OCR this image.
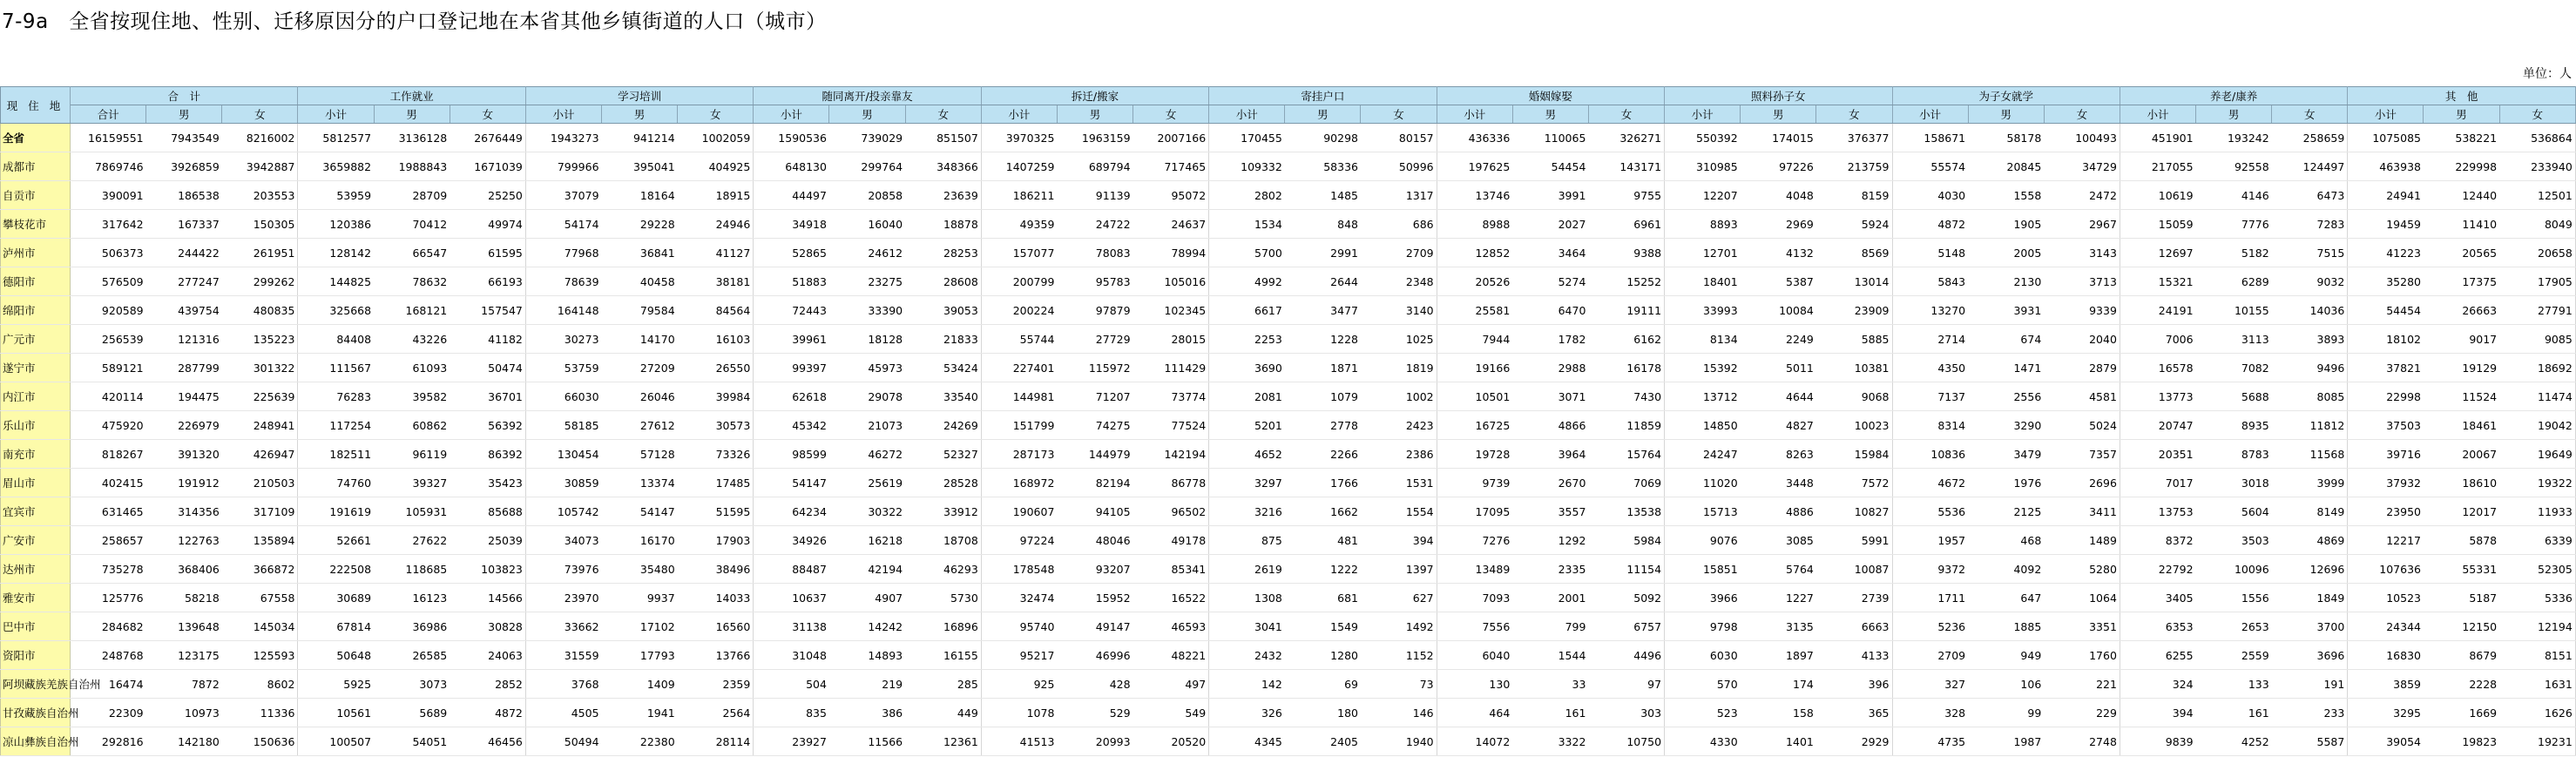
7-9a　全省按现住地、性别、迁移原因分的户口登记地在本省其他乡镇街道的人口（城市）
单位：人
现 住 地	合　计			工作就业			学习培训			随同离开/投亲靠友			拆迁/搬家			寄挂户口			婚姻嫁娶			照料孙子女			为子女就学			养老/康养			其　他		
	合计	男	女	小计	男	女	小计	男	女	小计	男	女	小计	男	女	小计	男	女	小计	男	女	小计	男	女	小计	男	女	小计	男	女	小计	男	女
全省	16159551	7943549	8216002	5812577	3136128	2676449	1943273	941214	1002059	1590536	739029	851507	3970325	1963159	2007166	170455	90298	80157	436336	110065	326271	550392	174015	376377	158671	58178	100493	451901	193242	258659	1075085	538221	536864
成都市	7869746	3926859	3942887	3659882	1988843	1671039	799966	395041	404925	648130	299764	348366	1407259	689794	717465	109332	58336	50996	197625	54454	143171	310985	97226	213759	55574	20845	34729	217055	92558	124497	463938	229998	233940
自贡市	390091	186538	203553	53959	28709	25250	37079	18164	18915	44497	20858	23639	186211	91139	95072	2802	1485	1317	13746	3991	9755	12207	4048	8159	4030	1558	2472	10619	4146	6473	24941	12440	12501
攀枝花市	317642	167337	150305	120386	70412	49974	54174	29228	24946	34918	16040	18878	49359	24722	24637	1534	848	686	8988	2027	6961	8893	2969	5924	4872	1905	2967	15059	7776	7283	19459	11410	8049
泸州市	506373	244422	261951	128142	66547	61595	77968	36841	41127	52865	24612	28253	157077	78083	78994	5700	2991	2709	12852	3464	9388	12701	4132	8569	5148	2005	3143	12697	5182	7515	41223	20565	20658
德阳市	576509	277247	299262	144825	78632	66193	78639	40458	38181	51883	23275	28608	200799	95783	105016	4992	2644	2348	20526	5274	15252	18401	5387	13014	5843	2130	3713	15321	6289	9032	35280	17375	17905
绵阳市	920589	439754	480835	325668	168121	157547	164148	79584	84564	72443	33390	39053	200224	97879	102345	6617	3477	3140	25581	6470	19111	33993	10084	23909	13270	3931	9339	24191	10155	14036	54454	26663	27791
广元市	256539	121316	135223	84408	43226	41182	30273	14170	16103	39961	18128	21833	55744	27729	28015	2253	1228	1025	7944	1782	6162	8134	2249	5885	2714	674	2040	7006	3113	3893	18102	9017	9085
遂宁市	589121	287799	301322	111567	61093	50474	53759	27209	26550	99397	45973	53424	227401	115972	111429	3690	1871	1819	19166	2988	16178	15392	5011	10381	4350	1471	2879	16578	7082	9496	37821	19129	18692
内江市	420114	194475	225639	76283	39582	36701	66030	26046	39984	62618	29078	33540	144981	71207	73774	2081	1079	1002	10501	3071	7430	13712	4644	9068	7137	2556	4581	13773	5688	8085	22998	11524	11474
乐山市	475920	226979	248941	117254	60862	56392	58185	27612	30573	45342	21073	24269	151799	74275	77524	5201	2778	2423	16725	4866	11859	14850	4827	10023	8314	3290	5024	20747	8935	11812	37503	18461	19042
南充市	818267	391320	426947	182511	96119	86392	130454	57128	73326	98599	46272	52327	287173	144979	142194	4652	2266	2386	19728	3964	15764	24247	8263	15984	10836	3479	7357	20351	8783	11568	39716	20067	19649
眉山市	402415	191912	210503	74760	39327	35423	30859	13374	17485	54147	25619	28528	168972	82194	86778	3297	1766	1531	9739	2670	7069	11020	3448	7572	4672	1976	2696	7017	3018	3999	37932	18610	19322
宜宾市	631465	314356	317109	191619	105931	85688	105742	54147	51595	64234	30322	33912	190607	94105	96502	3216	1662	1554	17095	3557	13538	15713	4886	10827	5536	2125	3411	13753	5604	8149	23950	12017	11933
广安市	258657	122763	135894	52661	27622	25039	34073	16170	17903	34926	16218	18708	97224	48046	49178	875	481	394	7276	1292	5984	9076	3085	5991	1957	468	1489	8372	3503	4869	12217	5878	6339
达州市	735278	368406	366872	222508	118685	103823	73976	35480	38496	88487	42194	46293	178548	93207	85341	2619	1222	1397	13489	2335	11154	15851	5764	10087	9372	4092	5280	22792	10096	12696	107636	55331	52305
雅安市	125776	58218	67558	30689	16123	14566	23970	9937	14033	10637	4907	5730	32474	15952	16522	1308	681	627	7093	2001	5092	3966	1227	2739	1711	647	1064	3405	1556	1849	10523	5187	5336
巴中市	284682	139648	145034	67814	36986	30828	33662	17102	16560	31138	14242	16896	95740	49147	46593	3041	1549	1492	7556	799	6757	9798	3135	6663	5236	1885	3351	6353	2653	3700	24344	12150	12194
资阳市	248768	123175	125593	50648	26585	24063	31559	17793	13766	31048	14893	16155	95217	46996	48221	2432	1280	1152	6040	1544	4496	6030	1897	4133	2709	949	1760	6255	2559	3696	16830	8679	8151
阿坝藏族羌族自治州	16474	7872	8602	5925	3073	2852	3768	1409	2359	504	219	285	925	428	497	142	69	73	130	33	97	570	174	396	327	106	221	324	133	191	3859	2228	1631
甘孜藏族自治州	22309	10973	11336	10561	5689	4872	4505	1941	2564	835	386	449	1078	529	549	326	180	146	464	161	303	523	158	365	328	99	229	394	161	233	3295	1669	1626
凉山彝族自治州	292816	142180	150636	100507	54051	46456	50494	22380	28114	23927	11566	12361	41513	20993	20520	4345	2405	1940	14072	3322	10750	4330	1401	2929	4735	1987	2748	9839	4252	5587	39054	19823	19231
